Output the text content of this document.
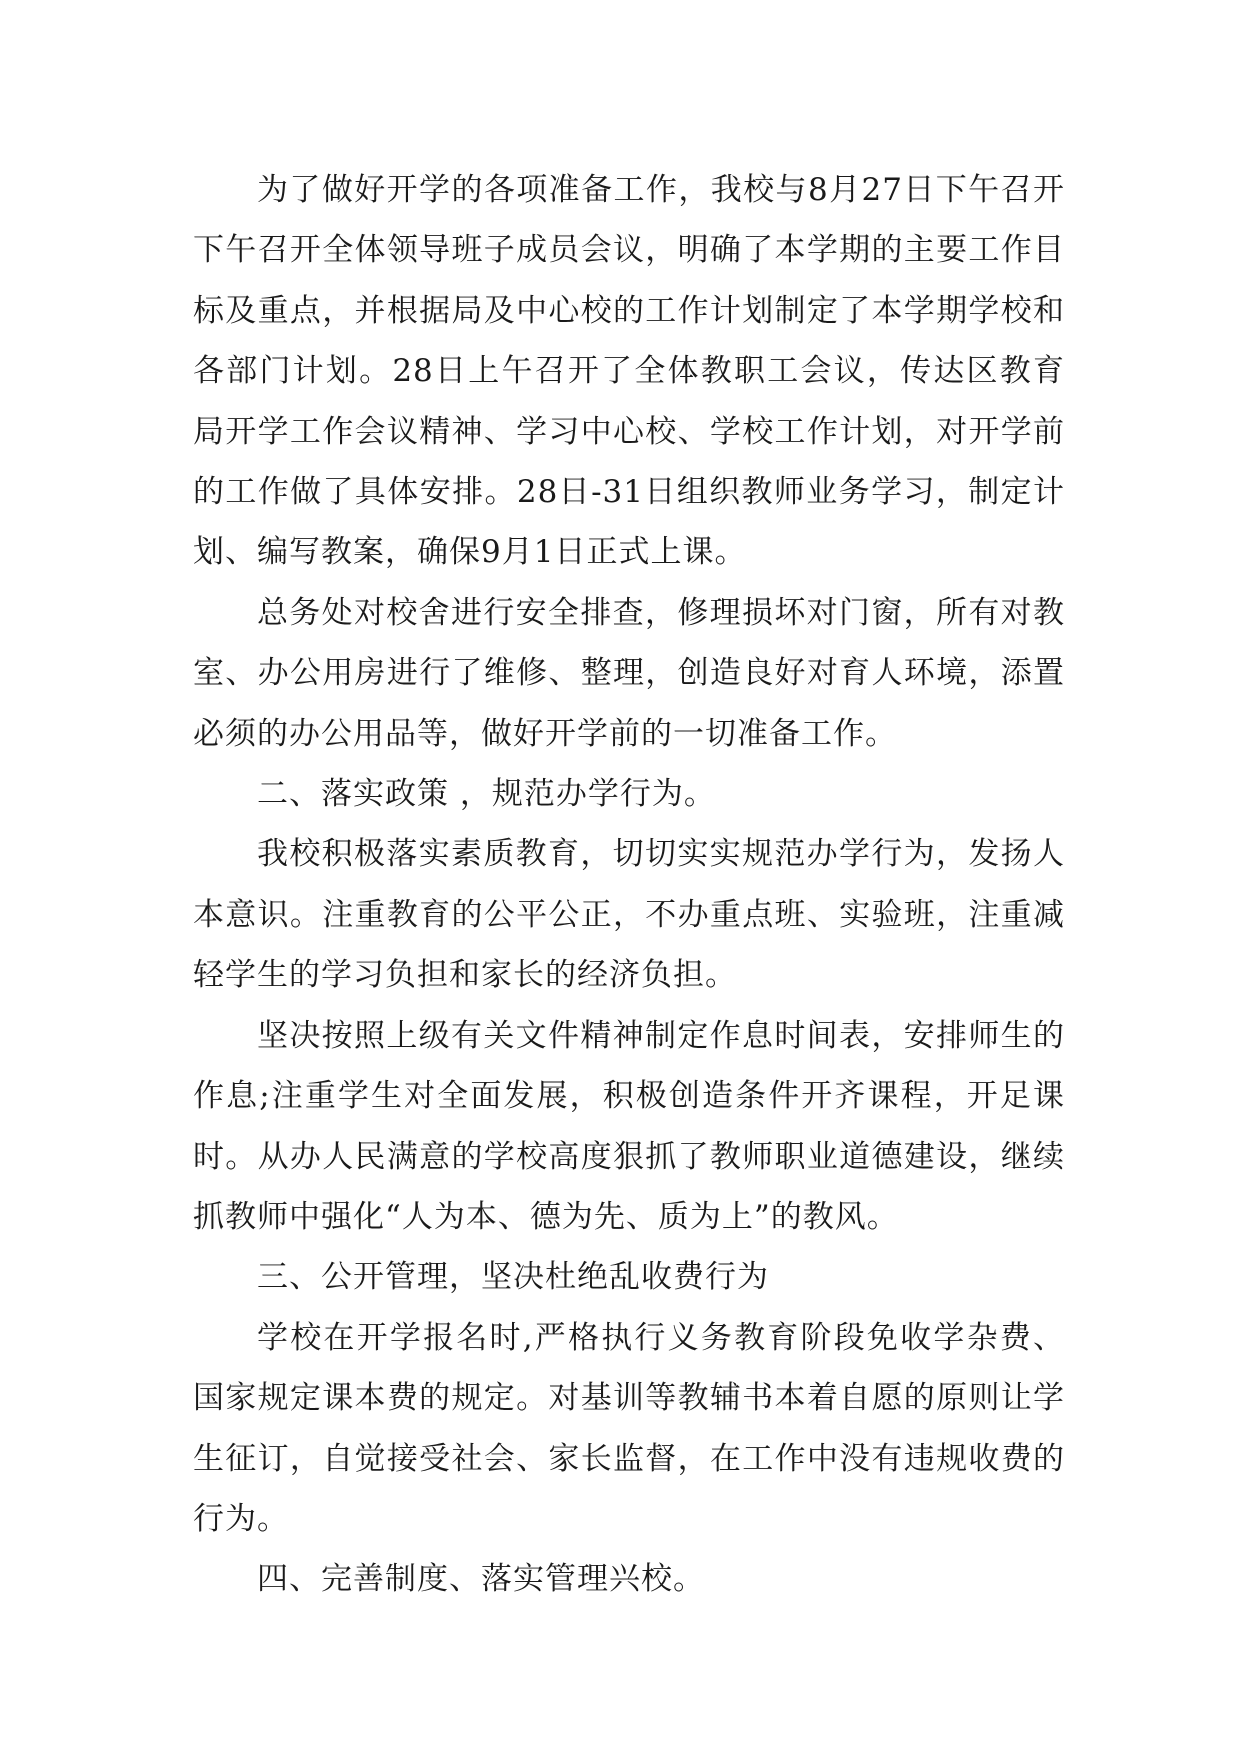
为了做好开学的各项准备工作，我校与8月27日下午召开下午召开全体领导班子成员会议，明确了本学期的主要工作目标及重点，并根据局及中心校的工作计划制定了本学期学校和各部门计划。28日上午召开了全体教职工会议，传达区教育局开学工作会议精神、学习中心校、学校工作计划，对开学前的工作做了具体安排。28日-31日组织教师业务学习，制定计划、编写教案，确保9月1日正式上课。

总务处对校舍进行安全排查，修理损坏对门窗，所有对教室、办公用房进行了维修、整理，创造良好对育人环境，添置必须的办公用品等，做好开学前的一切准备工作。

二、落实政策 ，规范办学行为。

我校积极落实素质教育，切切实实规范办学行为，发扬人本意识。注重教育的公平公正，不办重点班、实验班，注重减轻学生的学习负担和家长的经济负担。

坚决按照上级有关文件精神制定作息时间表，安排师生的作息;注重学生对全面发展，积极创造条件开齐课程，开足课时。从办人民满意的学校高度狠抓了教师职业道德建设，继续抓教师中强化“人为本、德为先、质为上”的教风。

三、公开管理，坚决杜绝乱收费行为

学校在开学报名时,严格执行义务教育阶段免收学杂费、国家规定课本费的规定。对基训等教辅书本着自愿的原则让学生征订，自觉接受社会、家长监督，在工作中没有违规收费的行为。

四、完善制度、落实管理兴校。
